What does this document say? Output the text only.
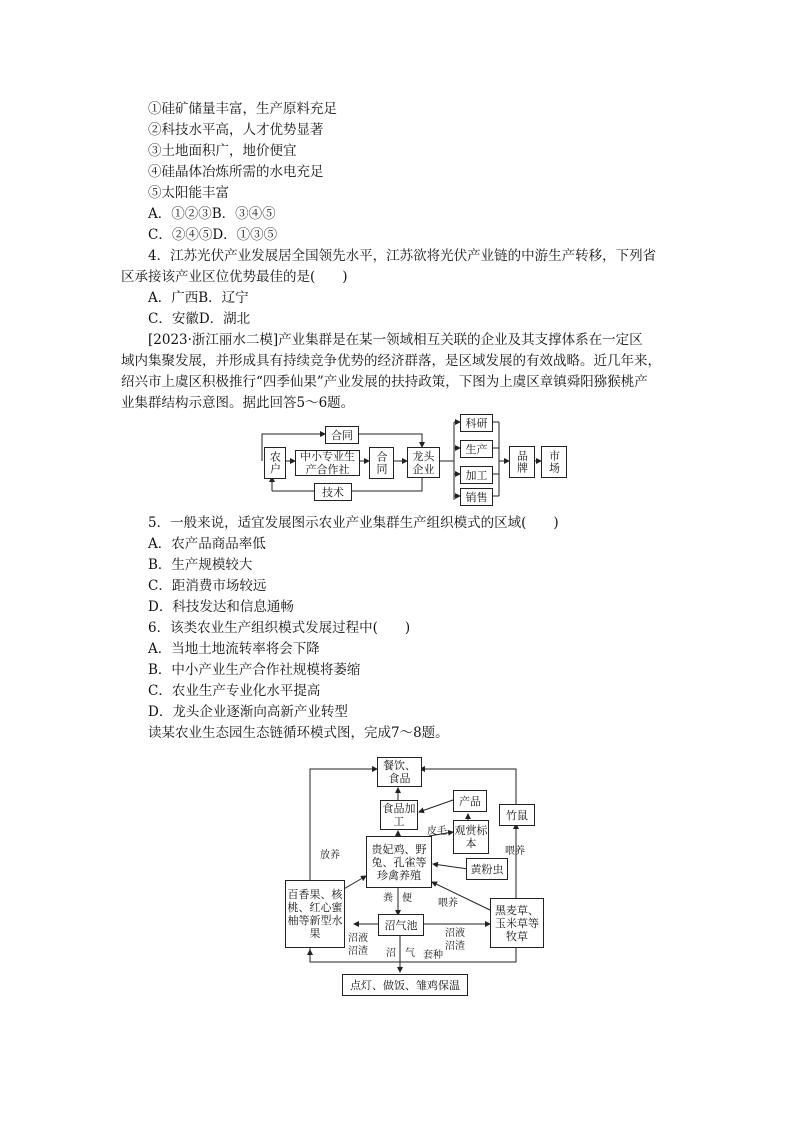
①硅矿储量丰富，生产原料充足
②科技水平高，人才优势显著
③土地面积广，地价便宜
④硅晶体冶炼所需的水电充足
⑤太阳能丰富
A．①②③B．③④⑤
C．②④⑤D．①③⑤
4．江苏光伏产业发展居全国领先水平，江苏欲将光伏产业链的中游生产转移，下列省
区承接该产业区位优势最佳的是(　　)
A．广西B．辽宁
C．安徽D．湖北
[2023·浙江丽水二模]产业集群是在某一领域相互关联的企业及其支撑体系在一定区
域内集聚发展，并形成具有持续竞争优势的经济群落，是区域发展的有效战略。近几年来，
绍兴市上虞区积极推行“四季仙果”产业发展的扶持政策，下图为上虞区章镇舜阳猕猴桃产
业集群结构示意图。据此回答5～6题。
合同
农户	中小专业生产合作社	合同	龙头企业
技术
科研
生产
加工
销售
品牌 市场
5．一般来说，适宜发展图示农业产业集群生产组织模式的区域(　　)
A．农产品商品率低
B．生产规模较大
C．距消费市场较远
D．科技发达和信息通畅
6．该类农业生产组织模式发展过程中(　　)
A．当地土地流转率将会下降
B．中小产业生产合作社规模将萎缩
C．农业生产专业化水平提高
D．龙头企业逐渐向高新产业转型
读某农业生态园生态链循环模式图，完成7～8题。
餐饮、食品
产品
食品加工
观赏标本
竹鼠
贵妃鸡、野兔、孔雀等珍禽养殖	黄粉虫
百香果、核桃、红心蜜柚等新型水果
沼气池
黑麦草、玉米草等牧草
点灯、做饭、雏鸡保温
皮毛
放养	喂养
喂养
粪 便
沼液
沼渣
沼液
沼渣
沼 气 套种
